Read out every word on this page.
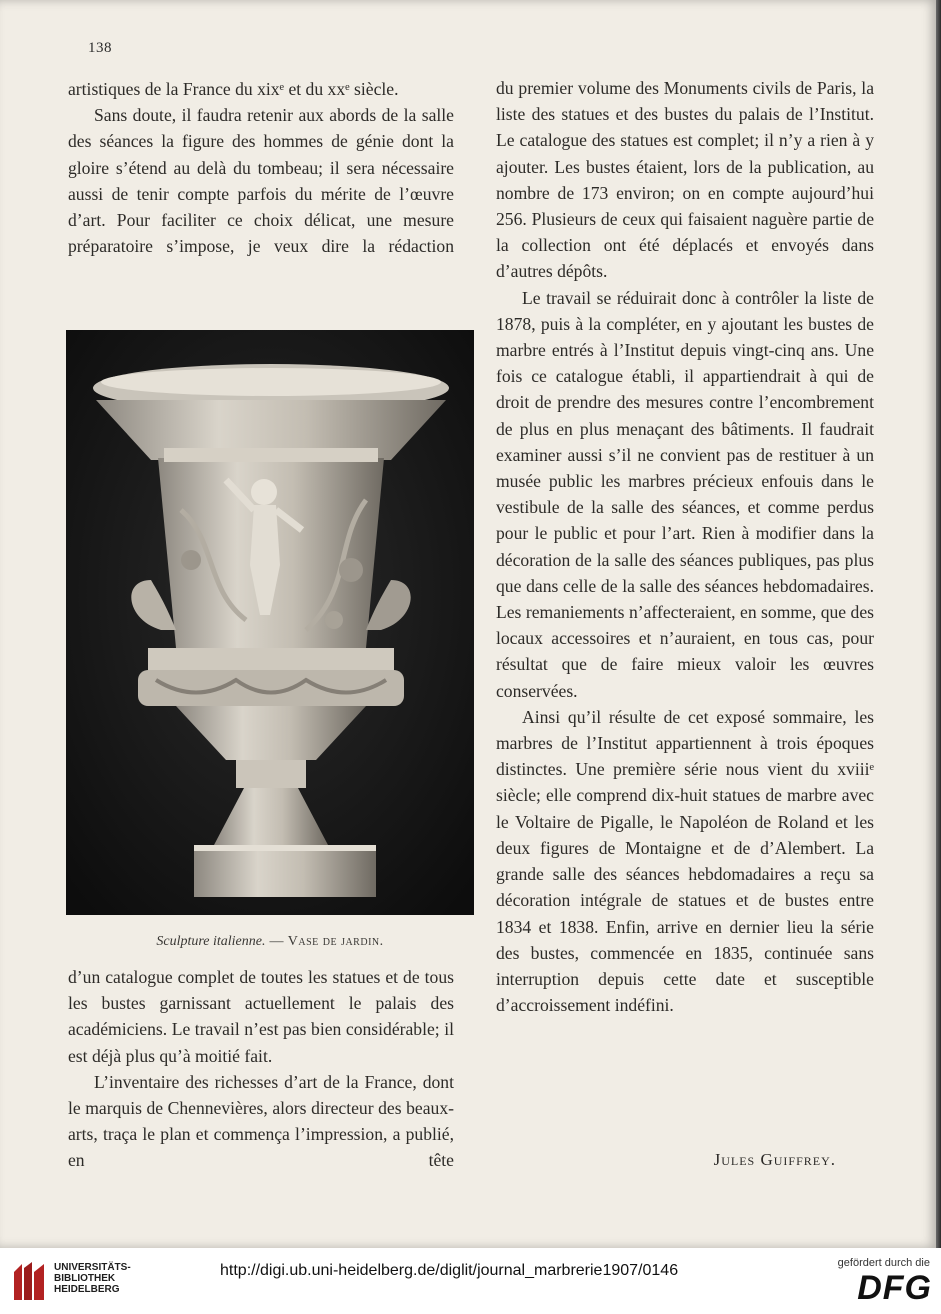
138

artistiques de la France du xixᵉ et du xxᵉ siècle.

Sans doute, il faudra retenir aux abords de la salle des séances la figure des hommes de génie dont la gloire s’étend au delà du tombeau; il sera nécessaire aussi de tenir compte parfois du mérite de l’œuvre d’art. Pour faciliter ce choix délicat, une mesure préparatoire s’impose, je veux dire la rédaction

Sculpture italienne. — Vase de jardin.

d’un catalogue complet de toutes les statues et de tous les bustes garnissant actuellement le palais des académiciens. Le travail n’est pas bien considérable; il est déjà plus qu’à moitié fait.

L’inventaire des richesses d’art de la France, dont le marquis de Chennevières, alors directeur des beaux-arts, traça le plan et commença l’impression, a publié, en tête

du premier volume des Monuments civils de Paris, la liste des statues et des bustes du palais de l’Institut. Le catalogue des statues est complet; il n’y a rien à y ajouter. Les bustes étaient, lors de la publication, au nombre de 173 environ; on en compte aujourd’hui 256. Plusieurs de ceux qui faisaient naguère partie de la collection ont été déplacés et envoyés dans d’autres dépôts.

Le travail se réduirait donc à contrôler la liste de 1878, puis à la compléter, en y ajoutant les bustes de marbre entrés à l’Institut depuis vingt-cinq ans. Une fois ce catalogue établi, il appartiendrait à qui de droit de prendre des mesures contre l’encombrement de plus en plus menaçant des bâtiments. Il faudrait examiner aussi s’il ne convient pas de restituer à un musée public les marbres précieux enfouis dans le vestibule de la salle des séances, et comme perdus pour le public et pour l’art. Rien à modifier dans la décoration de la salle des séances publiques, pas plus que dans celle de la salle des séances hebdomadaires. Les remaniements n’affecteraient, en somme, que des locaux accessoires et n’auraient, en tous cas, pour résultat que de faire mieux valoir les œuvres conservées.

Ainsi qu’il résulte de cet exposé sommaire, les marbres de l’Institut appartiennent à trois époques distinctes. Une première série nous vient du xviiiᵉ siècle; elle comprend dix-huit statues de marbre avec le Voltaire de Pigalle, le Napoléon de Roland et les deux figures de Montaigne et de d’Alembert. La grande salle des séances hebdomadaires a reçu sa décoration intégrale de statues et de bustes entre 1834 et 1838. Enfin, arrive en dernier lieu la série des bustes, commencée en 1835, continuée sans interruption depuis cette date et susceptible d’accroissement indéfini.

Jules Guiffrey.
UNIVERSITÄTS-
BIBLIOTHEK
HEIDELBERG
http://digi.ub.uni-heidelberg.de/diglit/journal_marbrerie1907/0146	gefördert durch die
DFG
